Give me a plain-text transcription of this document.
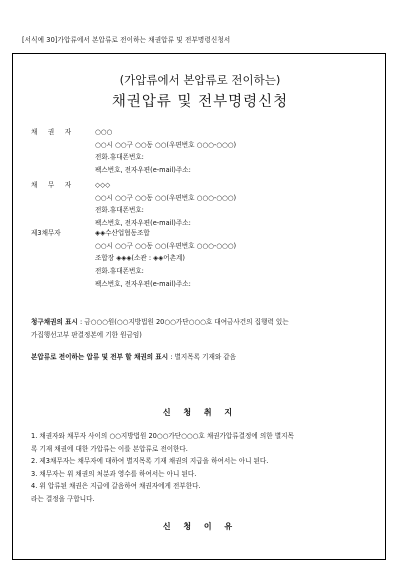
[서식예 30]가압류에서 본압류로 전이하는 채권압류 및 전부명령신청서
(가압류에서 본압류로 전이하는)
채권압류 및 전부명령신청
채 권 자	○○○
○○시 ○○구 ○○동 ○○(우편번호 ○○○-○○○)
전화.휴대폰번호:
팩스번호, 전자우편(e-mail)주소:
채 무 자	◇◇◇
○○시 ○○구 ○○동 ○○(우편번호 ○○○-○○○)
전화.휴대폰번호:
팩스번호, 전자우편(e-mail)주소:
제3채무자	◈◈수산업협동조합
○○시 ○○구 ○○동 ○○(우편번호 ○○○-○○○)
조합장 ◈◈◈(소관 : ◈◈어촌계)
전화.휴대폰번호:
팩스번호, 전자우편(e-mail)주소:
청구채권의 표시 : 금○○○원(○○지방법원 20○○가단○○○호 대여금사건의 집행력 있는
가집행선고부 판결정본에 기한 원금임)
본압류로 전이하는 압류 및 전부 할 채권의 표시 : 별지목록 기재와 같음
신 청 취 지
1. 채권자와 채무자 사이의 ○○지방법원 20○○가단○○○호 채권가압류결정에 의한 별지목
록 기재 채권에 대한 가압류는 이를 본압류로 전이한다.
2. 제3채무자는 채무자에 대하여 별지목록 기재 채권의 지급을 하여서는 아니 된다.
3. 채무자는 위 채권의 처분과 영수를 하여서는 아니 된다.
4. 위 압류된 채권은 지급에 갈음하여 채권자에게 전부한다.
라는 결정을 구합니다.
신 청 이 유
